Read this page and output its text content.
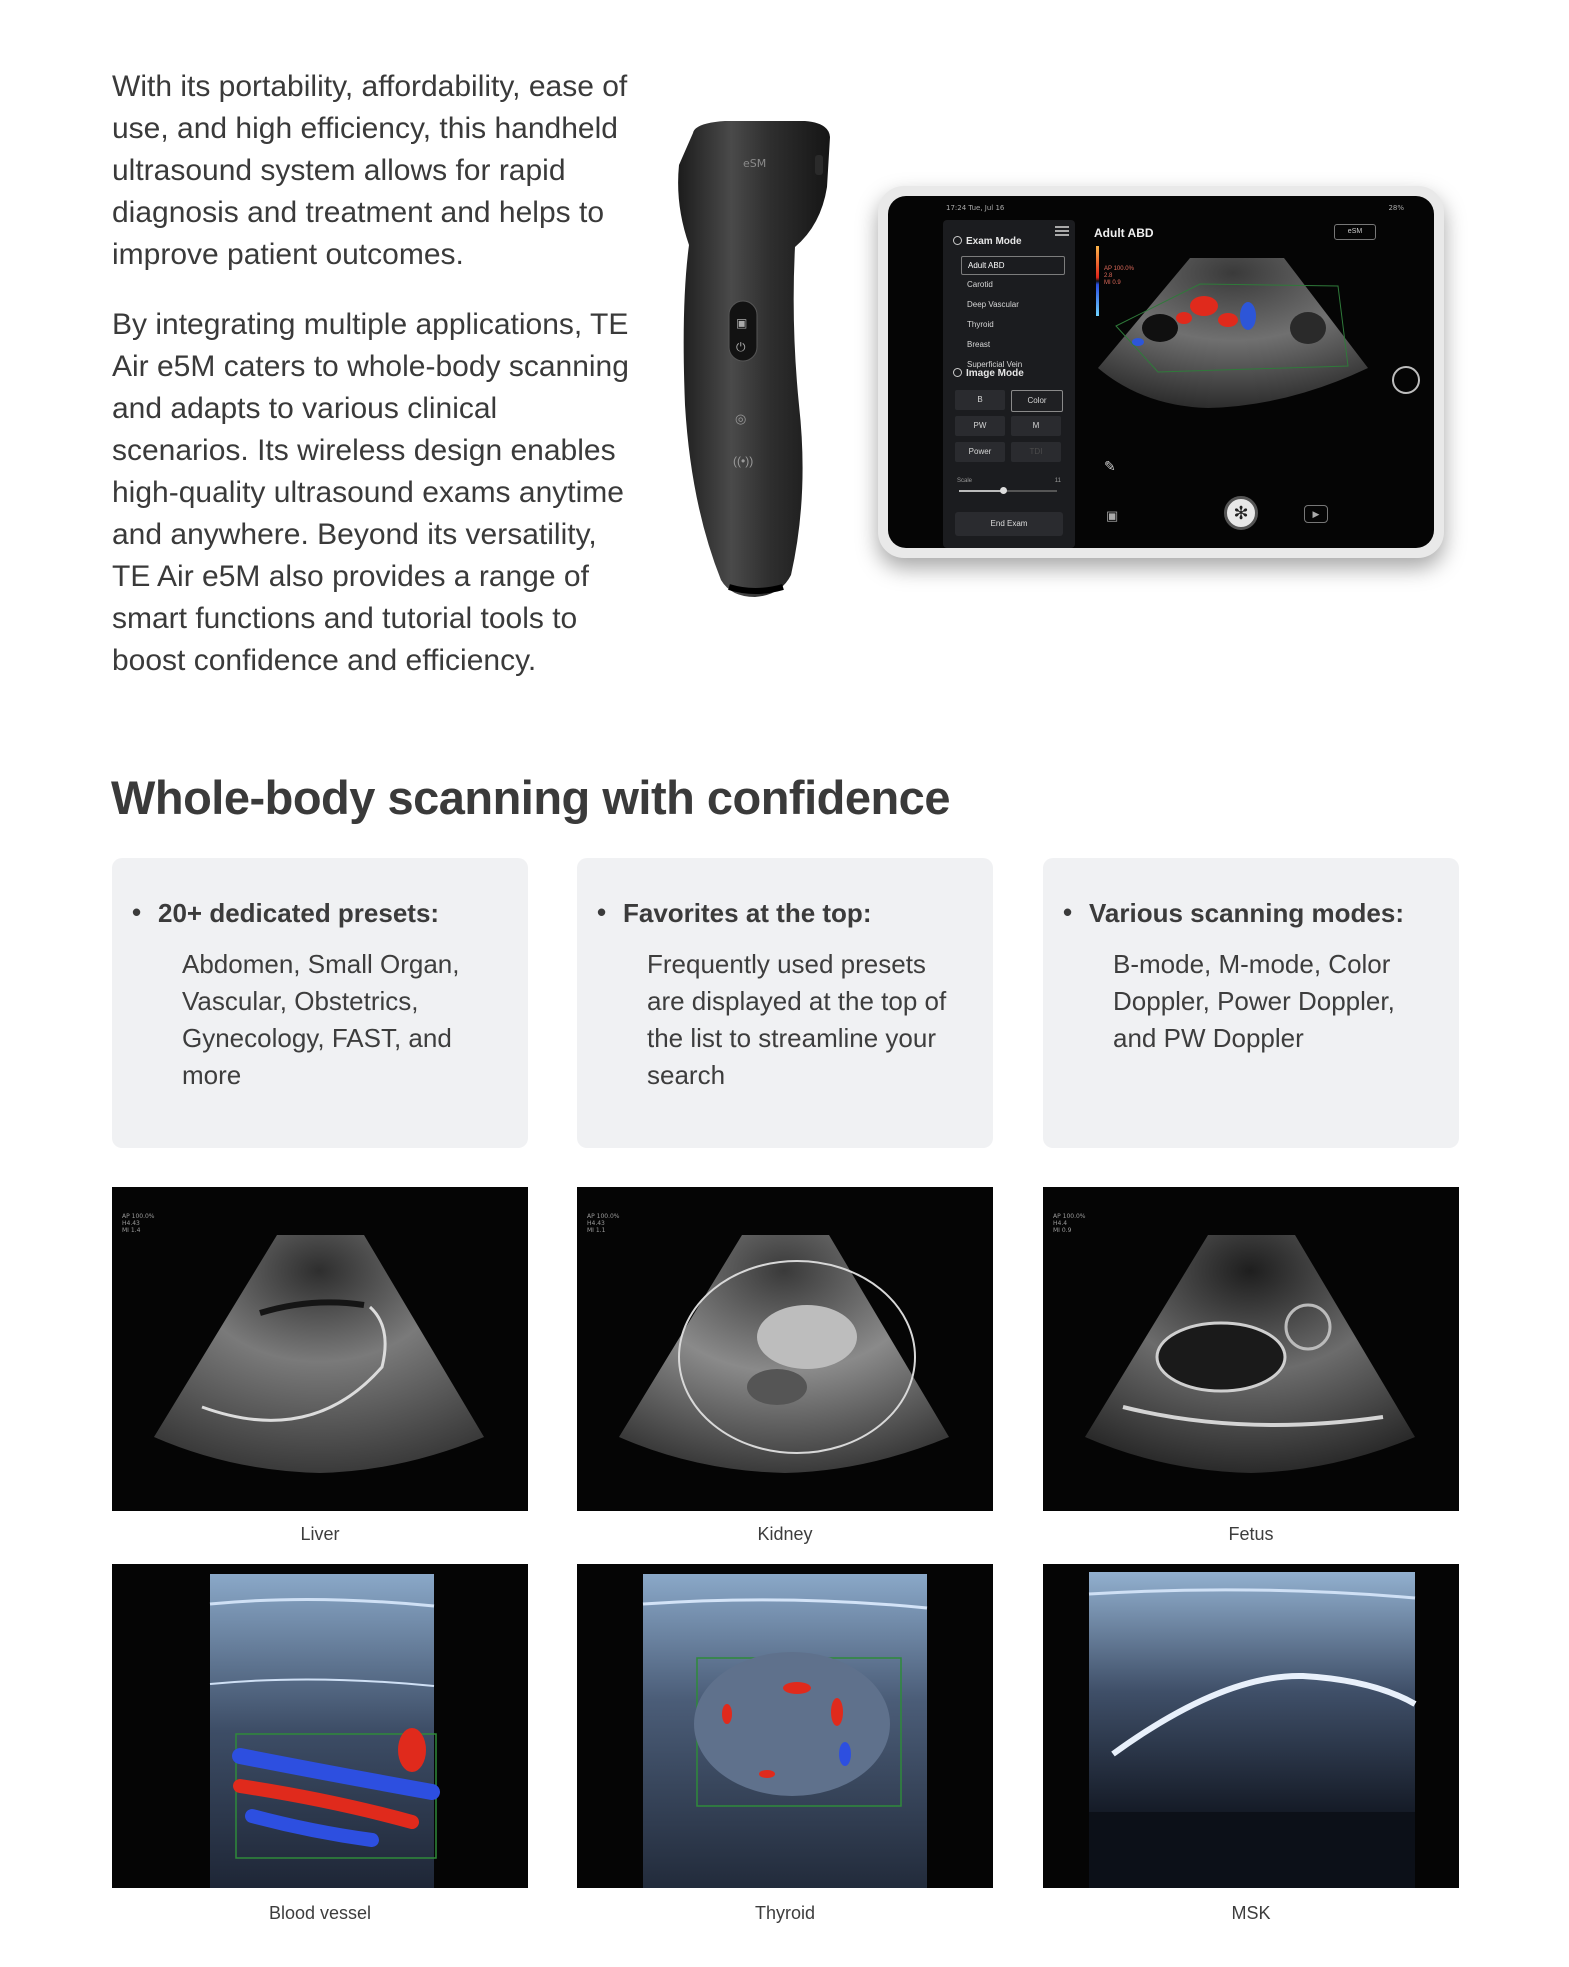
With its portability, affordability, ease of use, and high efficiency, this handheld ultrasound system allows for rapid diagnosis and treatment and helps to improve patient outcomes.

By integrating multiple applications, TE Air e5M caters to whole-body scanning and adapts to various clinical scenarios. Its wireless design enables high-quality ultrasound exams anytime and anywhere. Beyond its versatility, TE Air e5M also provides a range of smart functions and tutorial tools to boost confidence and efficiency.

eSM
▣
⏻
◎
((•))
17:24 Tue, Jul 16	28%
Exam Mode
Adult ABD
Carotid
Deep Vascular
Thyroid
Breast
Superficial Vein
Image Mode
B	Color
PW	M
Power	TDI
Scale	11
End Exam
Adult ABD	eSM
AP 100.0%
2.8
MI 0.9
✎
▣	✻	▶
Whole-body scanning with confidence
• 20+ dedicated presets:
Abdomen, Small Organ, Vascular, Obstetrics, Gynecology, FAST, and more
• Favorites at the top:
Frequently used presets are displayed at the top of the list to streamline your search
• Various scanning modes:
B-mode, M-mode, Color Doppler, Power Doppler, and PW Doppler
AP 100.0%
H4.43
MI 1.4
Liver
AP 100.0%
H4.43
MI 1.1
Kidney
AP 100.0%
H4.4
MI 0.9
Fetus
Blood vessel	Thyroid	MSK
